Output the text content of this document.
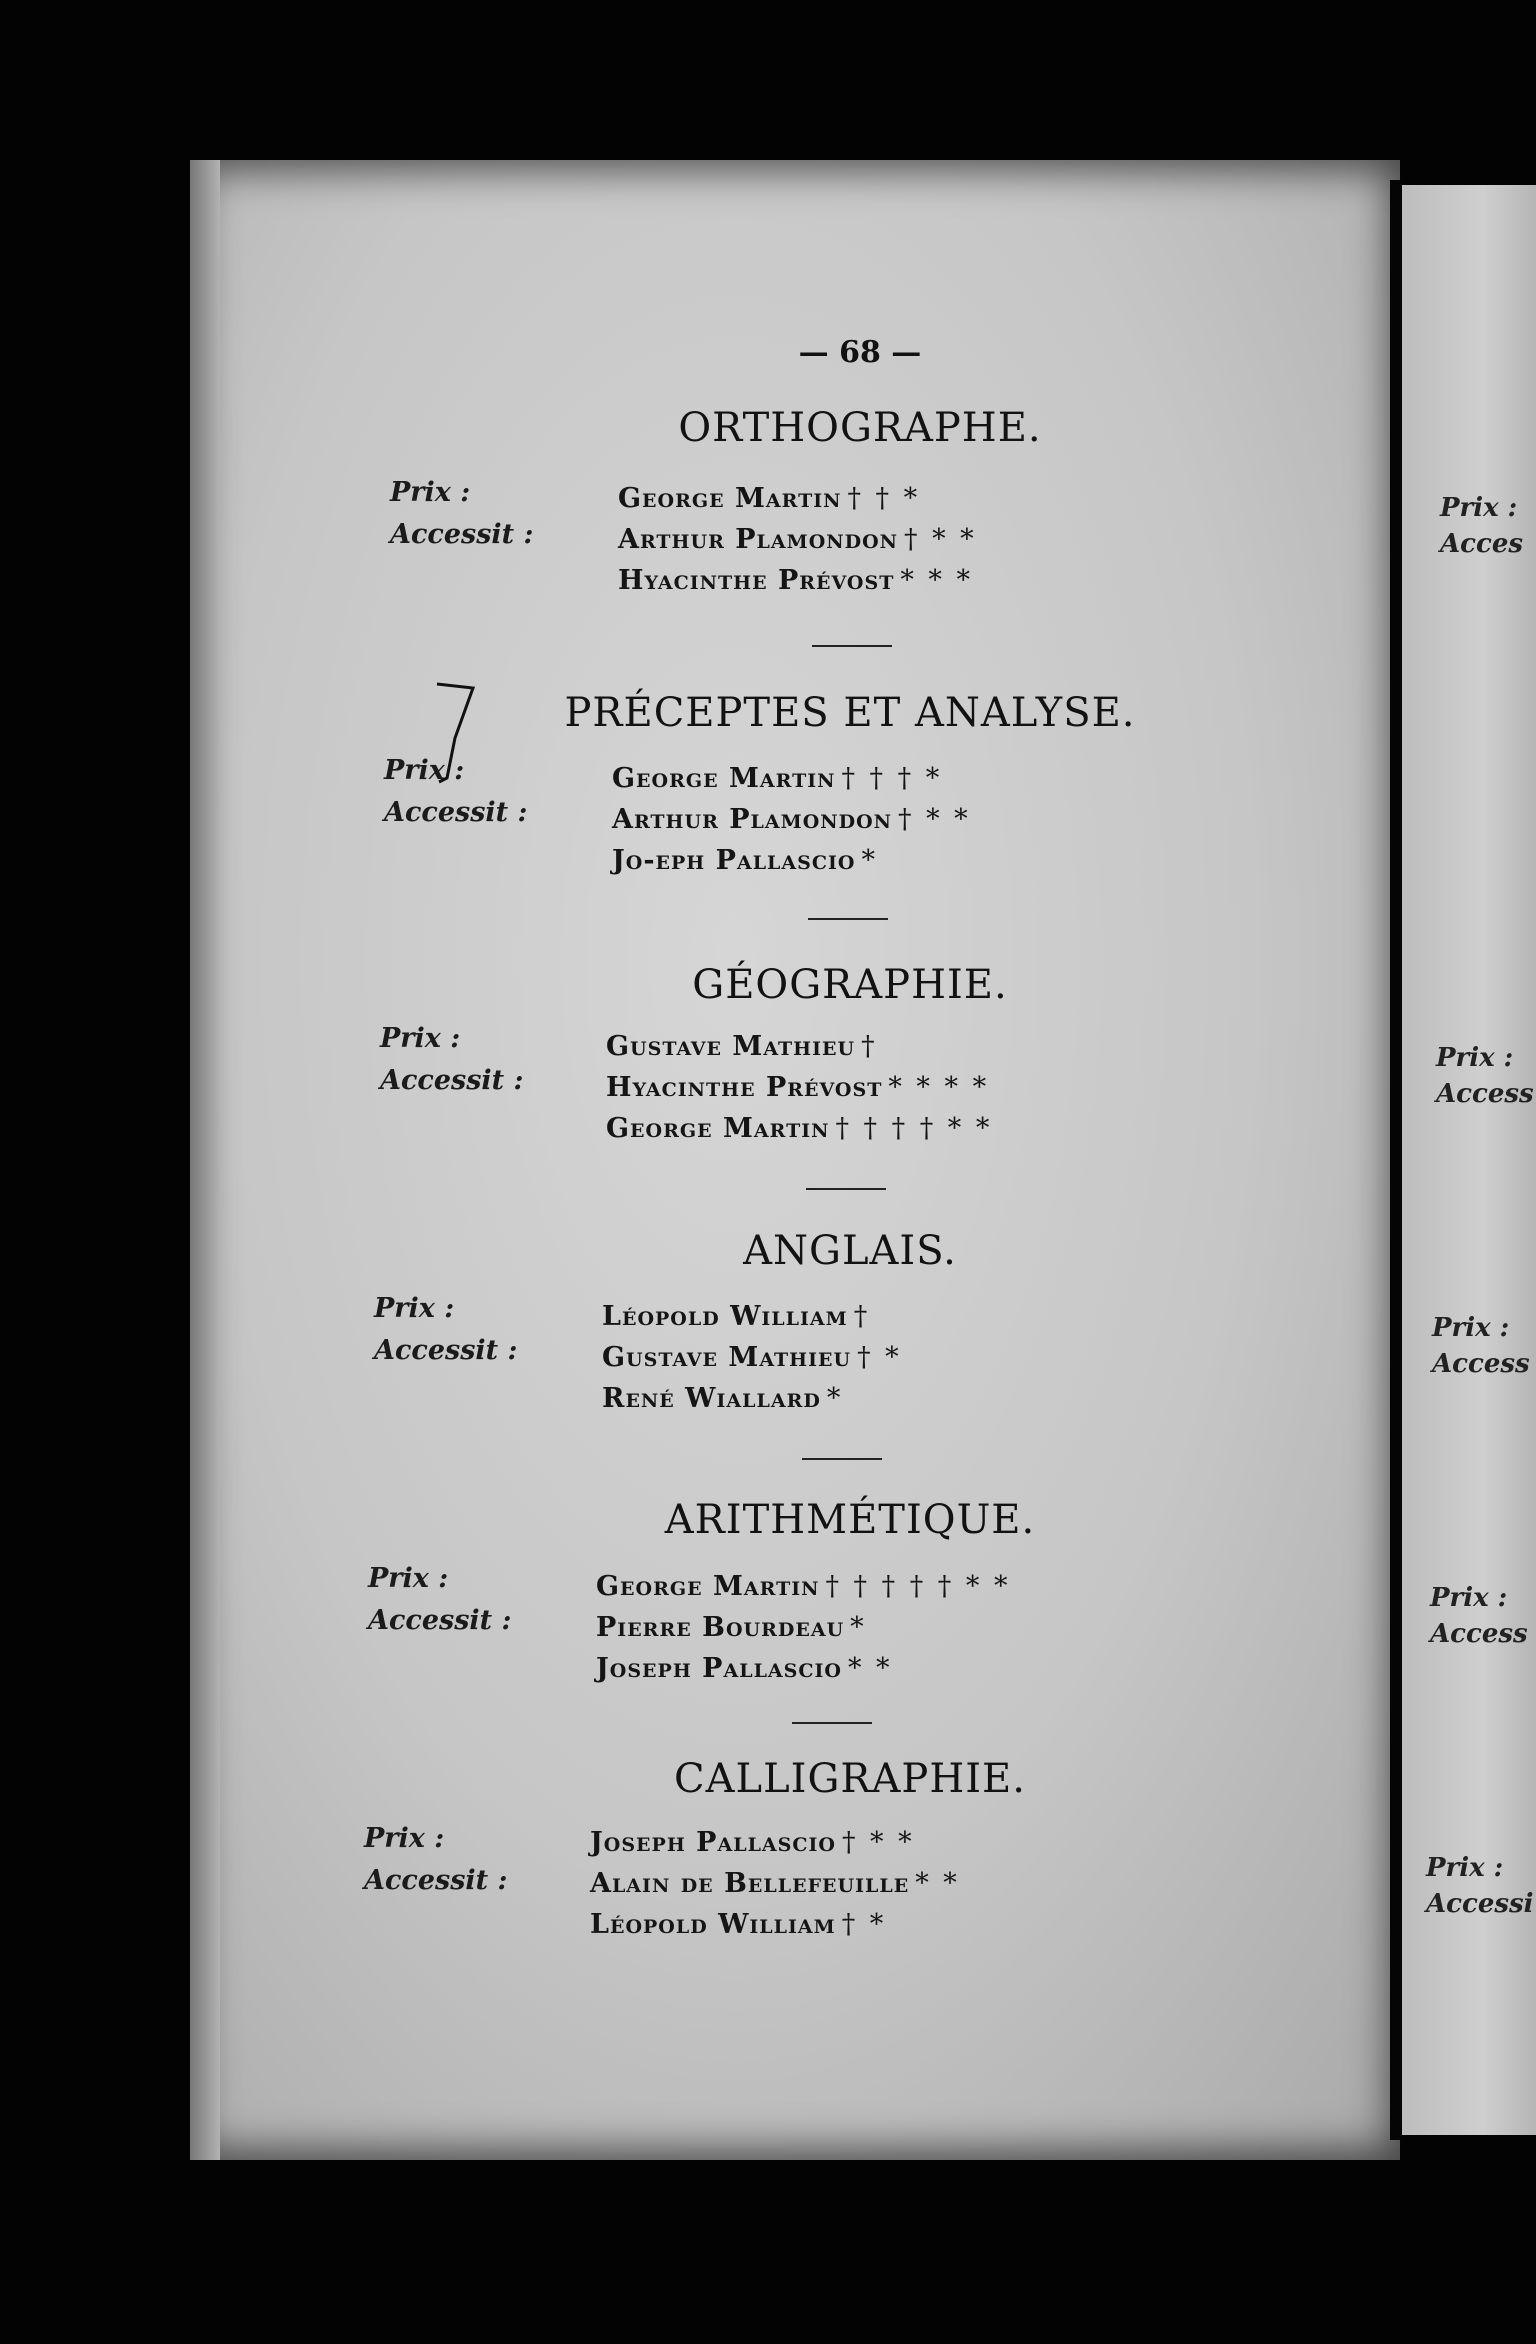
Prix :
Acces
Prix :
Access
Prix :
Access
Prix :
Access
Prix :
Accessi
— 68 —
ORTHOGRAPHE.
Prix :
Accessit :
George Martin † † *
Arthur Plamondon † * *
Hyacinthe Prévost * * *
PRÉCEPTES ET ANALYSE.
Prix :
Accessit :
George Martin † † † *
Arthur Plamondon † * *
Jo-eph Pallascio *
GÉOGRAPHIE.
Prix :
Accessit :
Gustave Mathieu †
Hyacinthe Prévost * * * *
George Martin † † † † * *
ANGLAIS.
Prix :
Accessit :
Léopold William †
Gustave Mathieu † *
René Wiallard *
ARITHMÉTIQUE.
Prix :
Accessit :
George Martin † † † † † * *
Pierre Bourdeau *
Joseph Pallascio * *
CALLIGRAPHIE.
Prix :
Accessit :
Joseph Pallascio † * *
Alain de Bellefeuille * *
Léopold William † *
